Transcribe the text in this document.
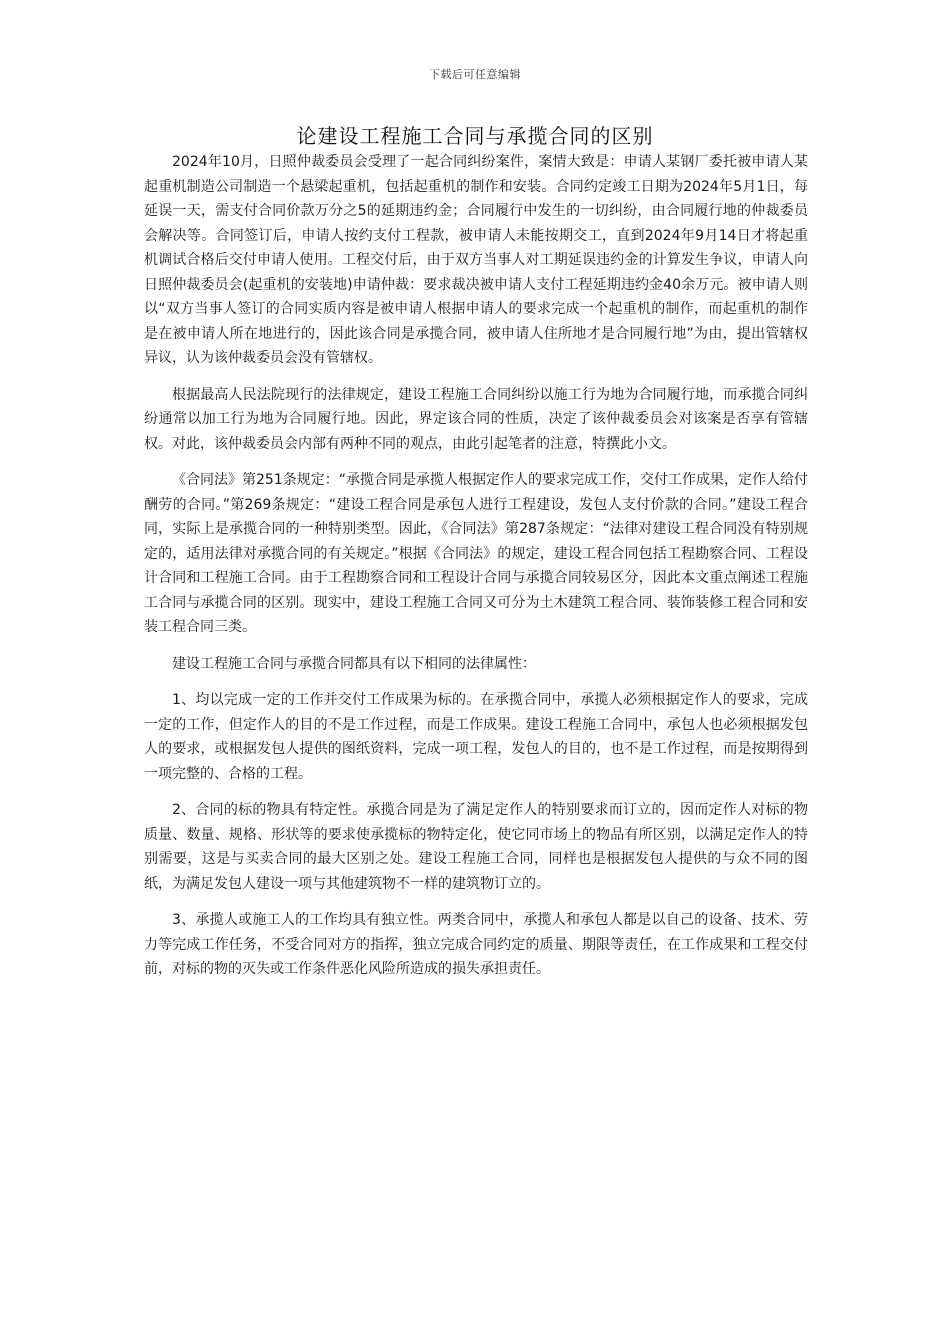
下载后可任意编辑
论建设工程施工合同与承揽合同的区别

2024年10月，日照仲裁委员会受理了一起合同纠纷案件，案情大致是：申请人某钢厂委托被申请人某起重机制造公司制造一个悬梁起重机，包括起重机的制作和安装。合同约定竣工日期为2024年5月1日，每延误一天，需支付合同价款万分之5的延期违约金；合同履行中发生的一切纠纷，由合同履行地的仲裁委员会解决等。合同签订后，申请人按约支付工程款，被申请人未能按期交工，直到2024年9月14日才将起重机调试合格后交付申请人使用。工程交付后，由于双方当事人对工期延误违约金的计算发生争议，申请人向日照仲裁委员会(起重机的安装地)申请仲裁：要求裁决被申请人支付工程延期违约金40余万元。被申请人则以“双方当事人签订的合同实质内容是被申请人根据申请人的要求完成一个起重机的制作，而起重机的制作是在被申请人所在地进行的，因此该合同是承揽合同，被申请人住所地才是合同履行地”为由，提出管辖权异议，认为该仲裁委员会没有管辖权。

根据最高人民法院现行的法律规定，建设工程施工合同纠纷以施工行为地为合同履行地，而承揽合同纠纷通常以加工行为地为合同履行地。因此，界定该合同的性质，决定了该仲裁委员会对该案是否享有管辖权。对此，该仲裁委员会内部有两种不同的观点，由此引起笔者的注意，特撰此小文。

《合同法》第251条规定：“承揽合同是承揽人根据定作人的要求完成工作，交付工作成果，定作人给付酬劳的合同。”第269条规定：“建设工程合同是承包人进行工程建设，发包人支付价款的合同。”建设工程合同，实际上是承揽合同的一种特别类型。因此，《合同法》第287条规定：“法律对建设工程合同没有特别规定的，适用法律对承揽合同的有关规定。”根据《合同法》的规定，建设工程合同包括工程勘察合同、工程设计合同和工程施工合同。由于工程勘察合同和工程设计合同与承揽合同较易区分，因此本文重点阐述工程施工合同与承揽合同的区别。现实中，建设工程施工合同又可分为土木建筑工程合同、装饰装修工程合同和安装工程合同三类。

建设工程施工合同与承揽合同都具有以下相同的法律属性：

1、均以完成一定的工作并交付工作成果为标的。在承揽合同中，承揽人必须根据定作人的要求，完成一定的工作，但定作人的目的不是工作过程，而是工作成果。建设工程施工合同中，承包人也必须根据发包人的要求，或根据发包人提供的图纸资料，完成一项工程，发包人的目的，也不是工作过程，而是按期得到一项完整的、合格的工程。

2、合同的标的物具有特定性。承揽合同是为了满足定作人的特别要求而订立的，因而定作人对标的物质量、数量、规格、形状等的要求使承揽标的物特定化，使它同市场上的物品有所区别，以满足定作人的特别需要，这是与买卖合同的最大区别之处。建设工程施工合同，同样也是根据发包人提供的与众不同的图纸，为满足发包人建设一项与其他建筑物不一样的建筑物订立的。

3、承揽人或施工人的工作均具有独立性。两类合同中，承揽人和承包人都是以自己的设备、技术、劳力等完成工作任务，不受合同对方的指挥，独立完成合同约定的质量、期限等责任，在工作成果和工程交付前，对标的物的灭失或工作条件恶化风险所造成的损失承担责任。
